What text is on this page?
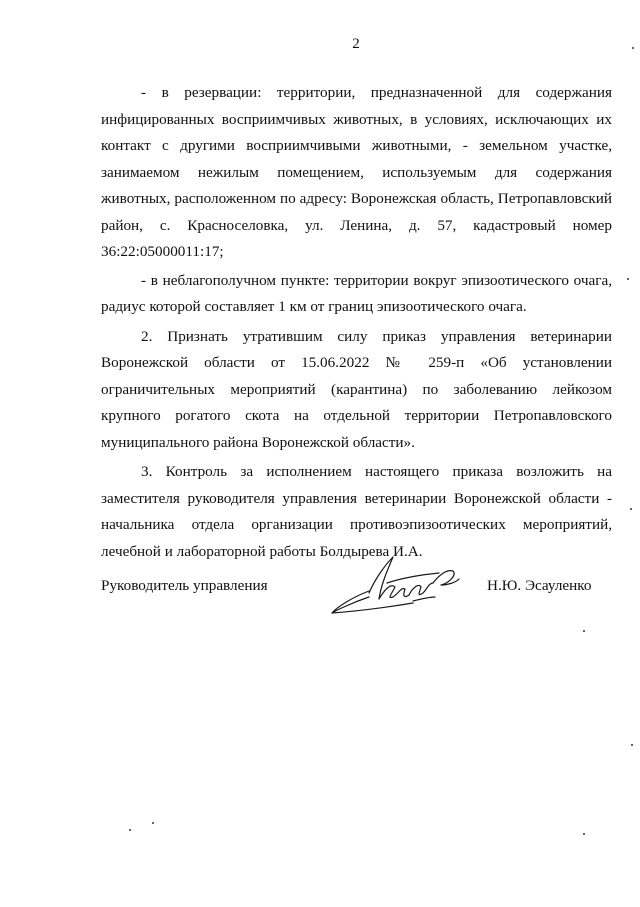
2

- в резервации: территории, предназначенной для содержания инфицированных восприимчивых животных, в условиях, исключающих их контакт с другими восприимчивыми животными, - земельном участке, занимаемом нежилым помещением, используемым для содержания животных, расположенном по адресу: Воронежская область, Петропавловский район, с. Красноселовка, ул. Ленина, д. 57, кадастровый номер 36:22:05000011:17;

- в неблагополучном пункте: территории вокруг эпизоотического очага, радиус которой составляет 1 км от границ эпизоотического очага.

2. Признать утратившим силу приказ управления ветеринарии Воронежской области от 15.06.2022 № 259-п «Об установлении ограничительных мероприятий (карантина) по заболеванию лейкозом крупного рогатого скота на отдельной территории Петропавловского муниципального района Воронежской области».

3. Контроль за исполнением настоящего приказа возложить на заместителя руководителя управления ветеринарии Воронежской области - начальника отдела организации противоэпизоотических мероприятий, лечебной и лабораторной работы Болдырева И.А.

Руководитель управления	Н.Ю. Эсауленко
